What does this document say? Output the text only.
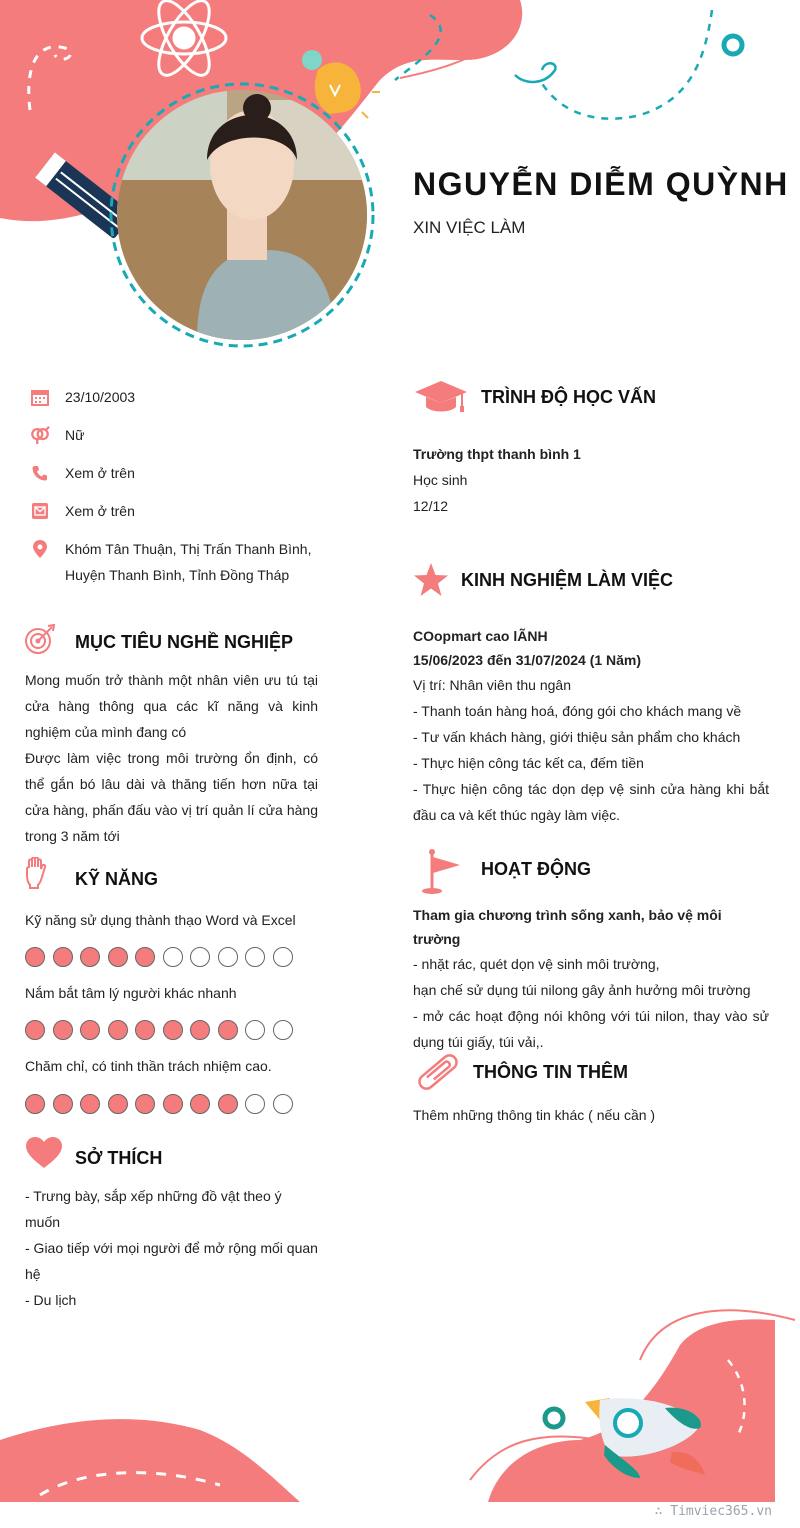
NGUYỄN DIỄM QUỲNH
XIN VIỆC LÀM
23/10/2003
Nữ
Xem ở trên
Xem ở trên
Khóm Tân Thuận, Thị Trấn Thanh Bình,
Huyện Thanh Bình, Tỉnh Đồng Tháp
MỤC TIÊU NGHỀ NGHIỆP
Mong muốn trở thành một nhân viên ưu tú tại cửa hàng thông qua các kĩ năng và kinh nghiệm của mình đang có
Được làm việc trong môi trường ổn định, có thể gắn bó lâu dài và thăng tiến hơn nữa tại cửa hàng, phấn đấu vào vị trí quản lí cửa hàng trong 3 năm tới
KỸ NĂNG
Kỹ năng sử dụng thành thạo Word và Excel
Nắm bắt tâm lý người khác nhanh
Chăm chỉ, có tinh thần trách nhiệm cao.
SỞ THÍCH
- Trưng bày, sắp xếp những đồ vật theo ý muốn
- Giao tiếp với mọi người để mở rộng mối quan hệ
- Du lịch
TRÌNH ĐỘ HỌC VẤN
Trường thpt thanh bình 1
Học sinh
12/12
KINH NGHIỆM LÀM VIỆC
COopmart cao lÃNH
15/06/2023 đến 31/07/2024 (1 Năm)
Vị trí: Nhân viên thu ngân
- Thanh toán hàng hoá, đóng gói cho khách mang về
- Tư vấn khách hàng, giới thiệu sản phẩm cho khách
- Thực hiện công tác kết ca, đếm tiền
- Thực hiện công tác dọn dẹp vệ sinh cửa hàng khi bắt đầu ca và kết thúc ngày làm việc.
HOẠT ĐỘNG
Tham gia chương trình sống xanh, bảo vệ môi trường
- nhặt rác, quét dọn vệ sinh môi trường,
hạn chế sử dụng túi nilong gây ảnh hưởng môi trường
- mở các hoạt động nói không với túi nilon, thay vào sử dụng túi giấy, túi vải,.
THÔNG TIN THÊM
Thêm những thông tin khác ( nếu cần )
∴ Timviec365.vn
